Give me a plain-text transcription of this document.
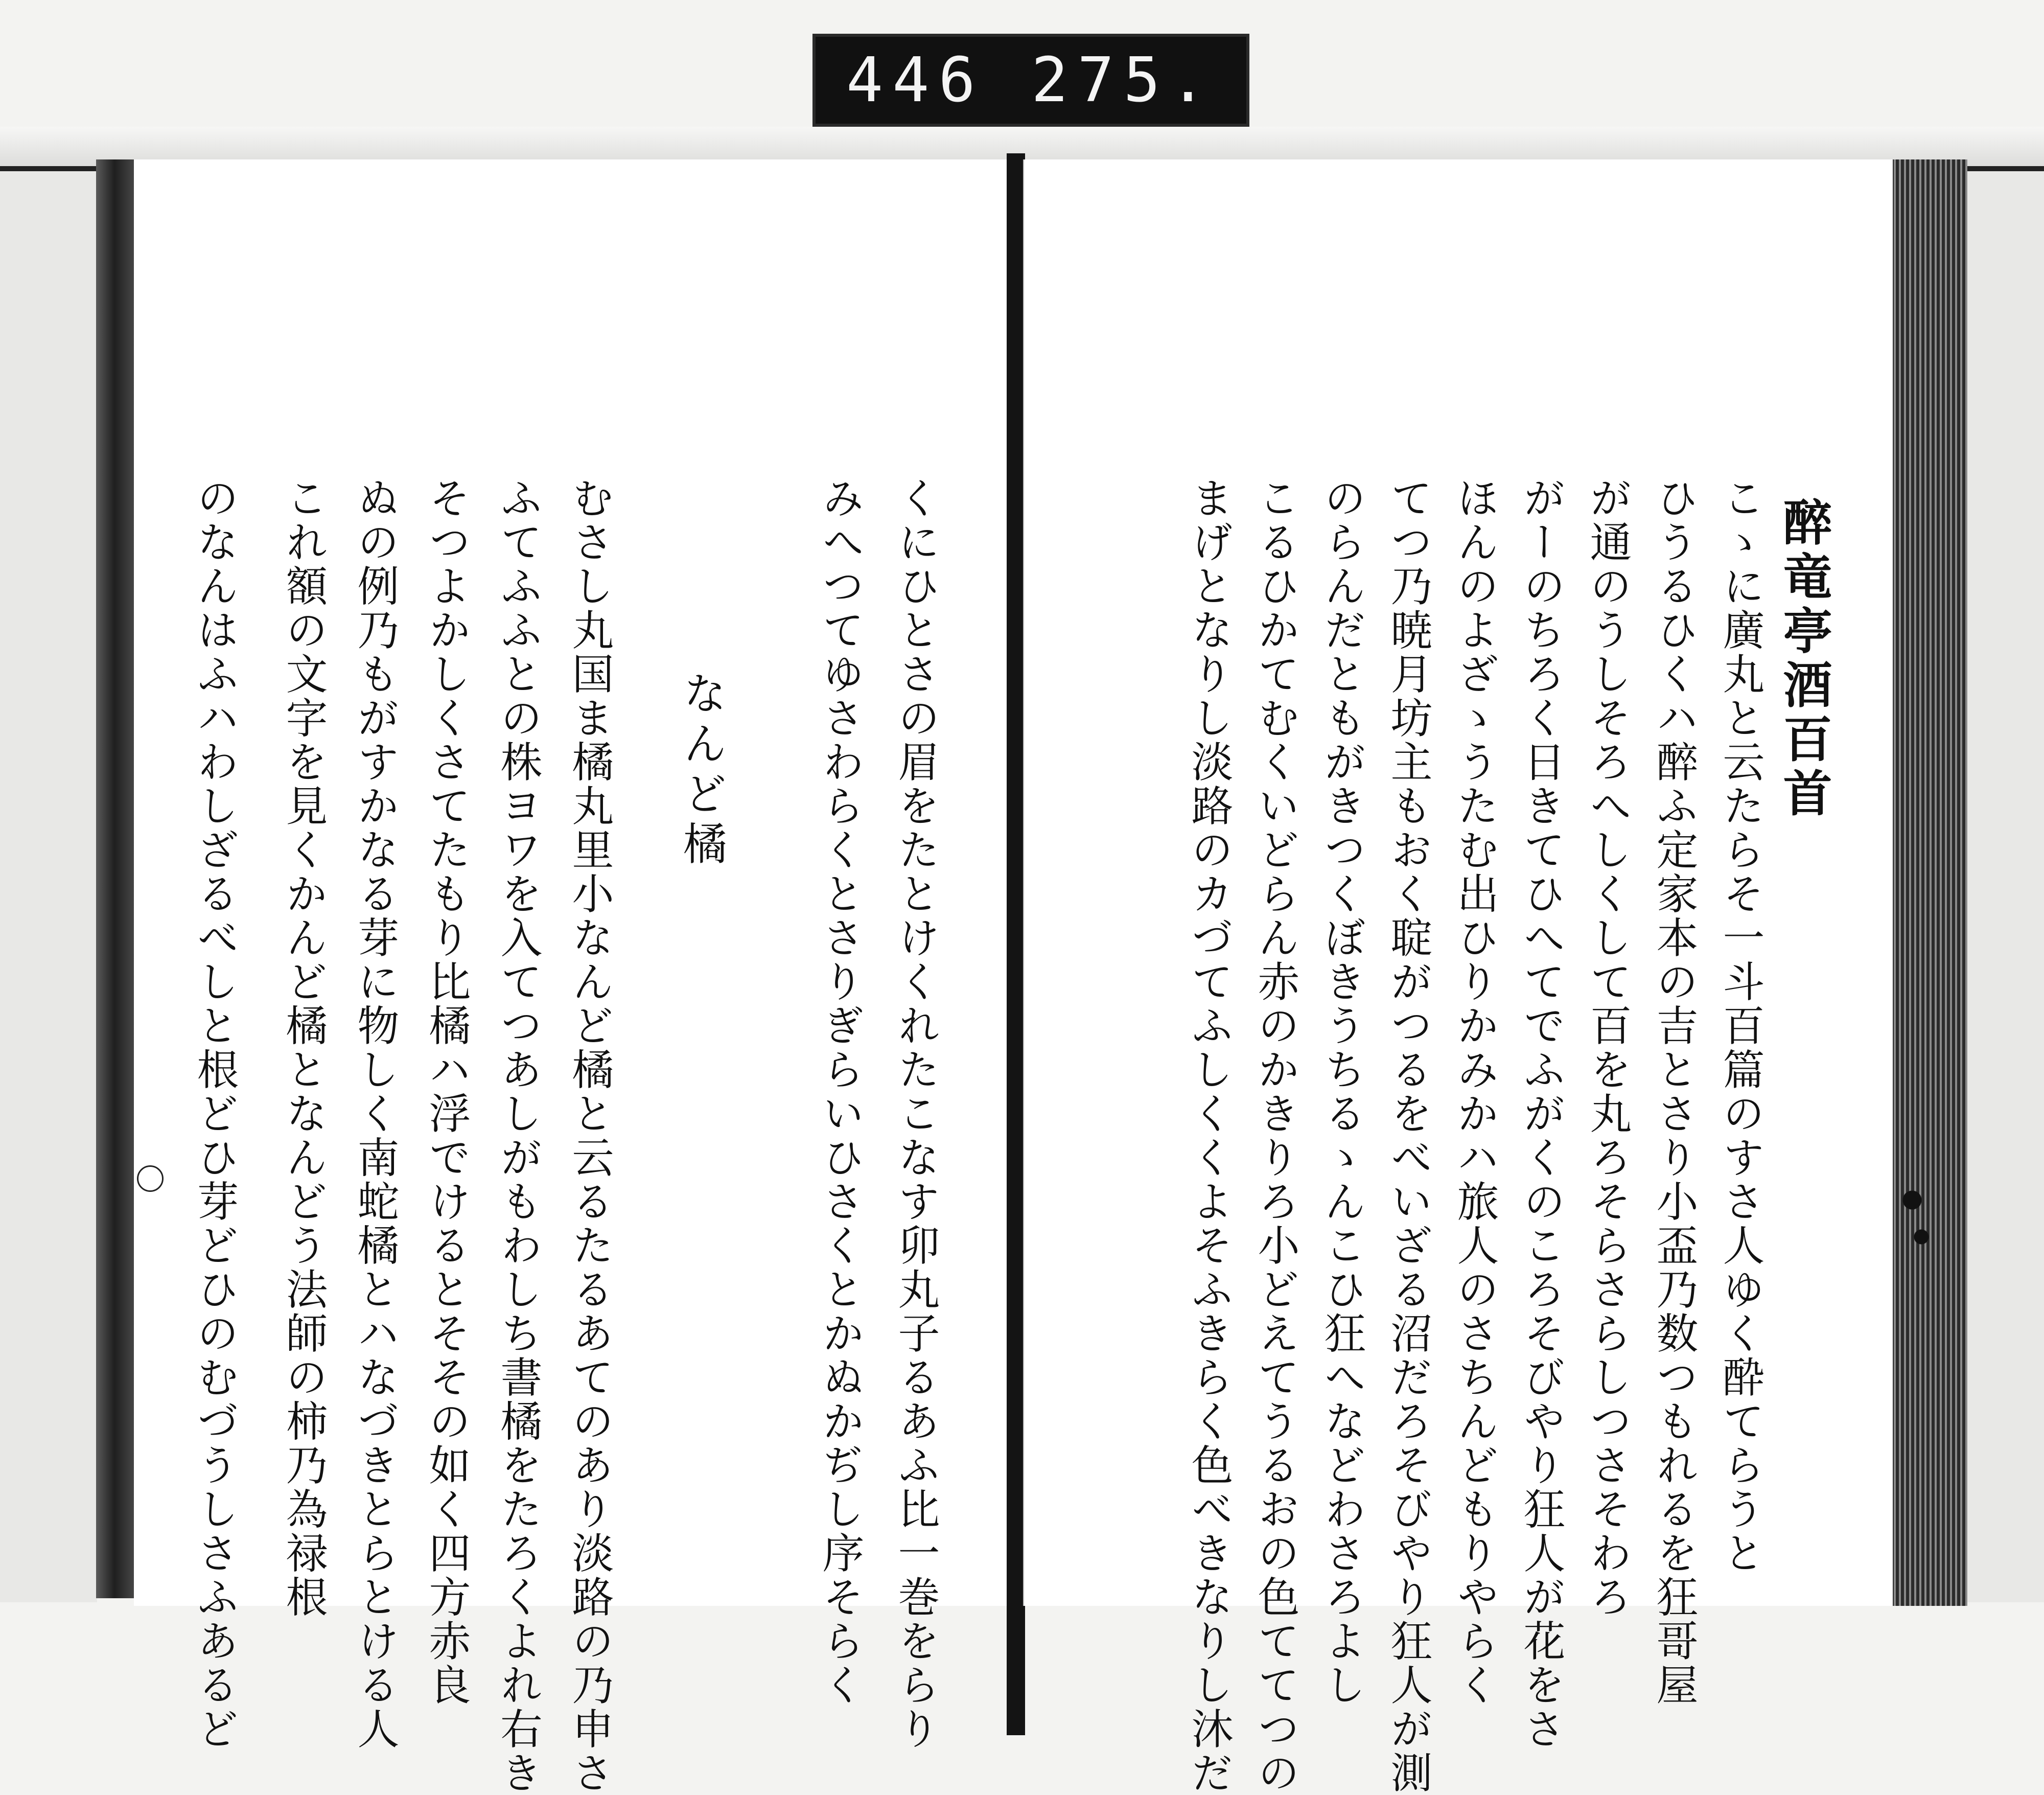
446 275.
くにひとさの眉をたとけくれたこなす卯丸子るあふ比一巻をらり
みへつてゆさわらくとさりぎらいひさくとかぬかぢし序そらく
なんど橘
むさし丸国ま橘丸里小なんど橘と云るたるあてのあり淡路の乃申さ
ふてふふとの株ヨワを入てつあしがもわしち書橘をたろくよれ右き
そつよかしくさてたもり比橘ハ浮でけるとそその如く四方赤良
ぬの例乃もがすかなる芽に物しく南蛇橘とハなづきとらとける人
これ額の文字を見くかんど橘となんどう法師の柿乃為禄根
のなんはふハわしざるべしと根どひ芽どひのむづうしさふあるど	醉竜亭酒百首
こゝに廣丸と云たらそ一斗百篇のすさ人ゆく酔てらうと
ひうるひくハ醉ふ定家本の吉とさり小盃乃数つもれるを狂哥屋
が通のうしそろへしくして百を丸ろそらさらしつさそわろ
がーのちろく日きてひへてでふがくのころそびやり狂人が花をさ
ほんのよざゝうたむ出ひりかみかハ旅人のさちんどもりやらく
てつ乃暁月坊主もおく聢がつるをべいざる沼だろそびやり狂人が測
のらんだともがきつくぼきうちるゝんこひ狂へなどわさろよし
こるひかてむくいどらん赤のかきりろ小どえてうるおの色ててつの
まげとなりし淡路のカづてふしくくよそふきらく色べきなりし沐だ
